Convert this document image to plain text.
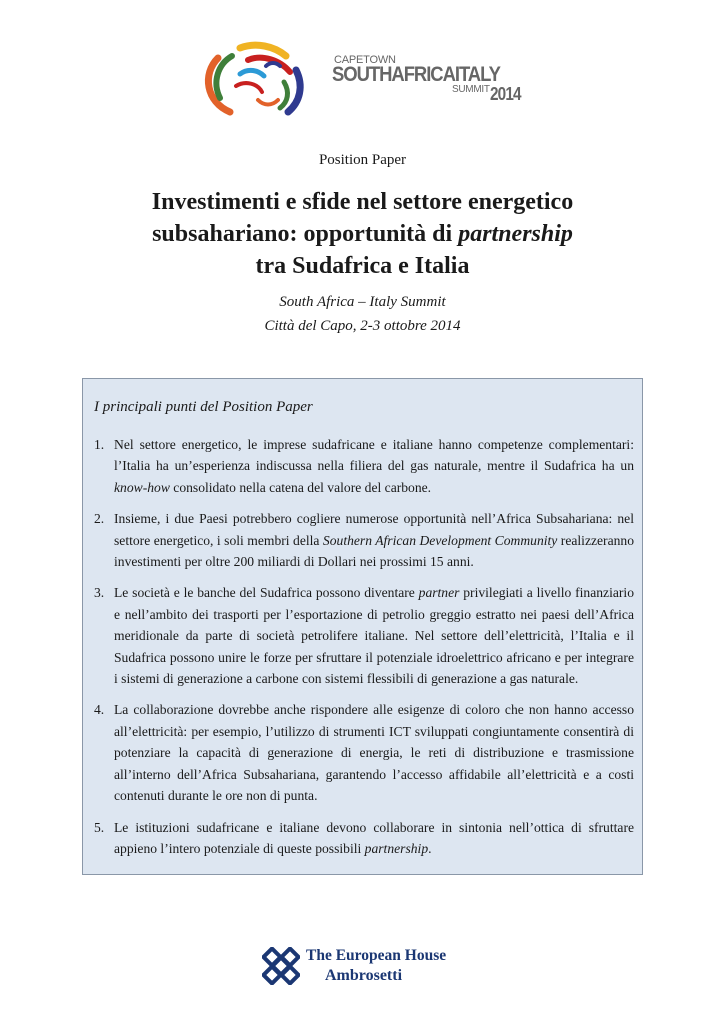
CAPETOWN
SOUTHAFRICAITALY
SUMMIT 2014
Position Paper
Investimenti e sfide nel settore energetico
subsahariano: opportunità di partnership
tra Sudafrica e Italia
South Africa – Italy Summit
Città del Capo, 2-3 ottobre 2014
I principali punti del Position Paper
1. Nel settore energetico, le imprese sudafricane e italiane hanno competenze complementari: l’Italia ha un’esperienza indiscussa nella filiera del gas naturale, mentre il Sudafrica ha un know-how consolidato nella catena del valore del carbone.
2. Insieme, i due Paesi potrebbero cogliere numerose opportunità nell’Africa Subsahariana: nel settore energetico, i soli membri della Southern African Development Community realizzeranno investimenti per oltre 200 miliardi di Dollari nei prossimi 15 anni.
3. Le società e le banche del Sudafrica possono diventare partner privilegiati a livello finanziario e nell’ambito dei trasporti per l’esportazione di petrolio greggio estratto nei paesi dell’Africa meridionale da parte di società petrolifere italiane. Nel settore dell’elettricità, l’Italia e il Sudafrica possono unire le forze per sfruttare il potenziale idroelettrico africano e per integrare i sistemi di generazione a carbone con sistemi flessibili di generazione a gas naturale.
4. La collaborazione dovrebbe anche rispondere alle esigenze di coloro che non hanno accesso all’elettricità: per esempio, l’utilizzo di strumenti ICT sviluppati congiuntamente consentirà di potenziare la capacità di generazione di energia, le reti di distribuzione e trasmissione all’interno dell’Africa Subsahariana, garantendo l’accesso affidabile all’elettricità e a costi contenuti durante le ore non di punta.
5. Le istituzioni sudafricane e italiane devono collaborare in sintonia nell’ottica di sfruttare appieno l’intero potenziale di queste possibili partnership.
The European House
Ambrosetti
